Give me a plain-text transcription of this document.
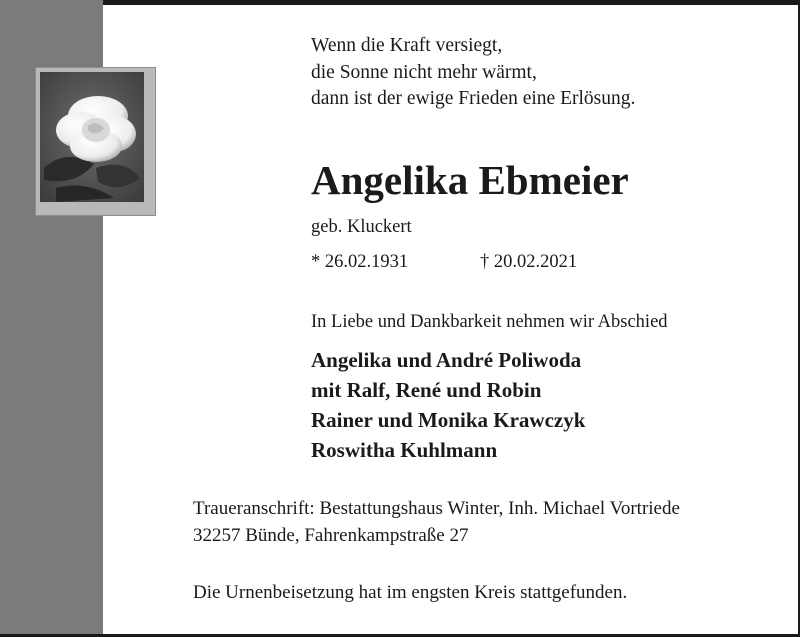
Wenn die Kraft versiegt,
die Sonne nicht mehr wärmt,
dann ist der ewige Frieden eine Erlösung.
Angelika Ebmeier
geb. Kluckert
* 26.02.1931	† 20.02.2021
In Liebe und Dankbarkeit nehmen wir Abschied
Angelika und André Poliwoda
mit Ralf, René und Robin
Rainer und Monika Krawczyk
Roswitha Kuhlmann
Traueranschrift: Bestattungshaus Winter, Inh. Michael Vortriede
32257 Bünde, Fahrenkampstraße 27
Die Urnenbeisetzung hat im engsten Kreis stattgefunden.
